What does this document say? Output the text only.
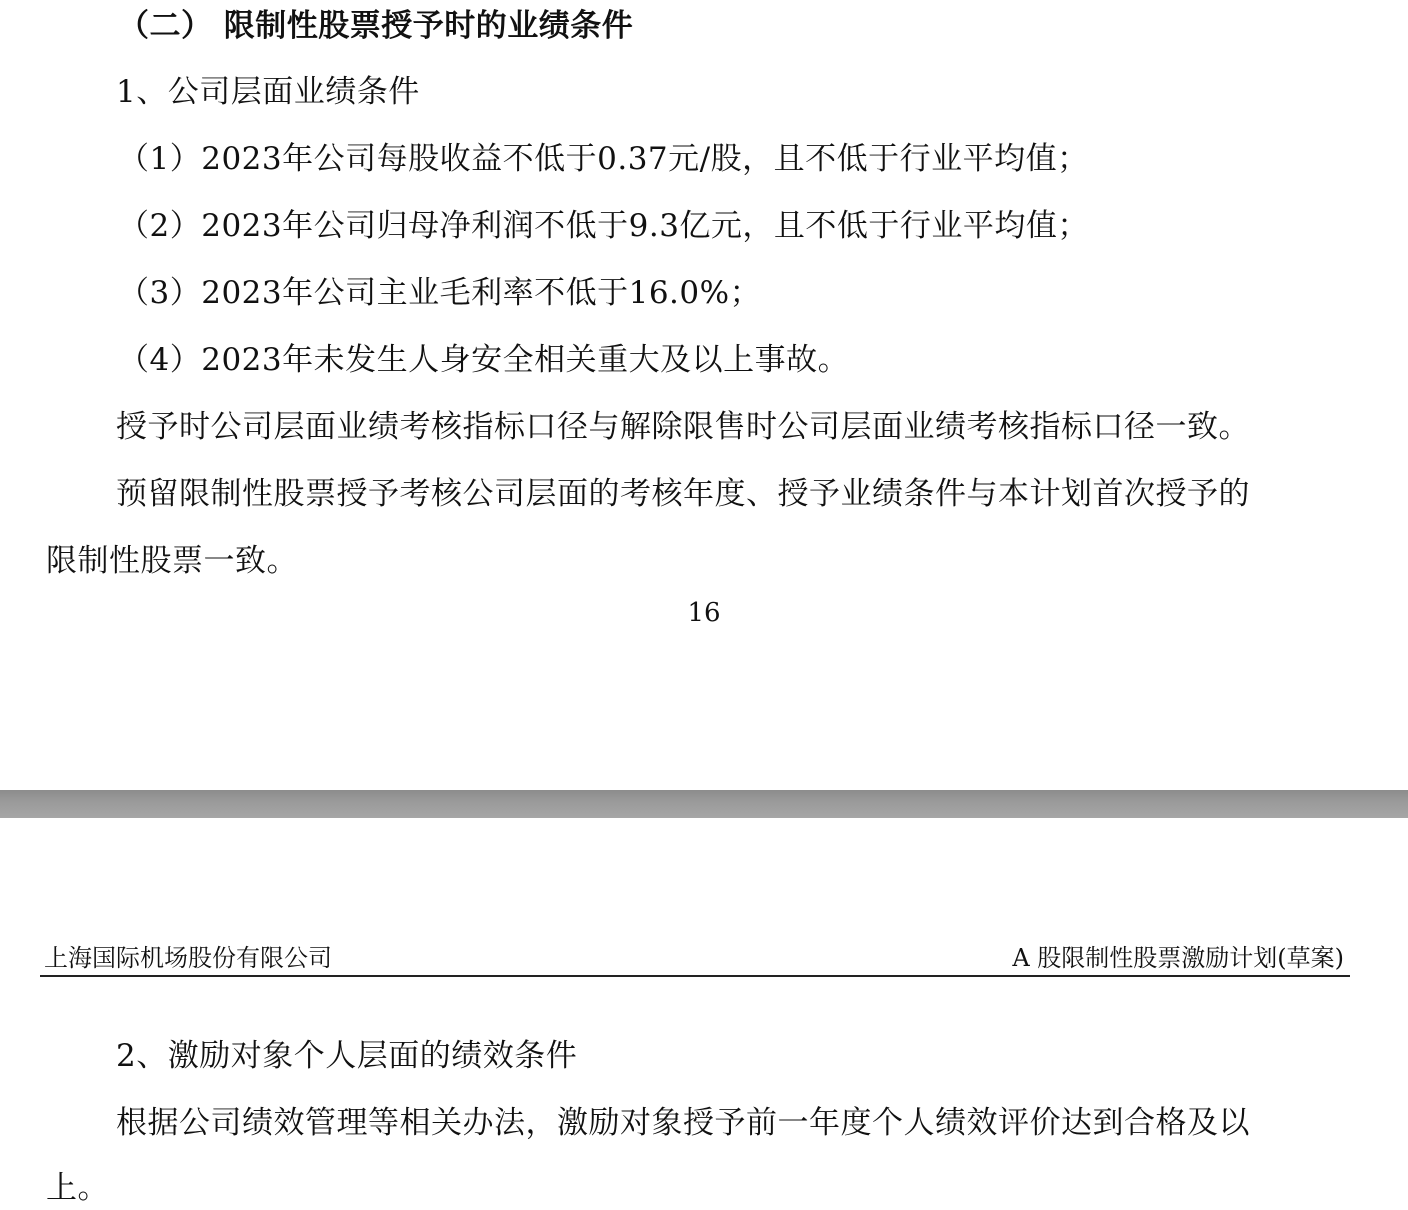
（二） 限制性股票授予时的业绩条件
1、公司层面业绩条件
（1）2023年公司每股收益不低于0.37元/股，且不低于行业平均值；
（2）2023年公司归母净利润不低于9.3亿元，且不低于行业平均值；
（3）2023年公司主业毛利率不低于16.0%；
（4）2023年未发生人身安全相关重大及以上事故。
授予时公司层面业绩考核指标口径与解除限售时公司层面业绩考核指标口径一致。
预留限制性股票授予考核公司层面的考核年度、授予业绩条件与本计划首次授予的
限制性股票一致。
16
上海国际机场股份有限公司	A 股限制性股票激励计划(草案)
2、激励对象个人层面的绩效条件
根据公司绩效管理等相关办法，激励对象授予前一年度个人绩效评价达到合格及以
上。
